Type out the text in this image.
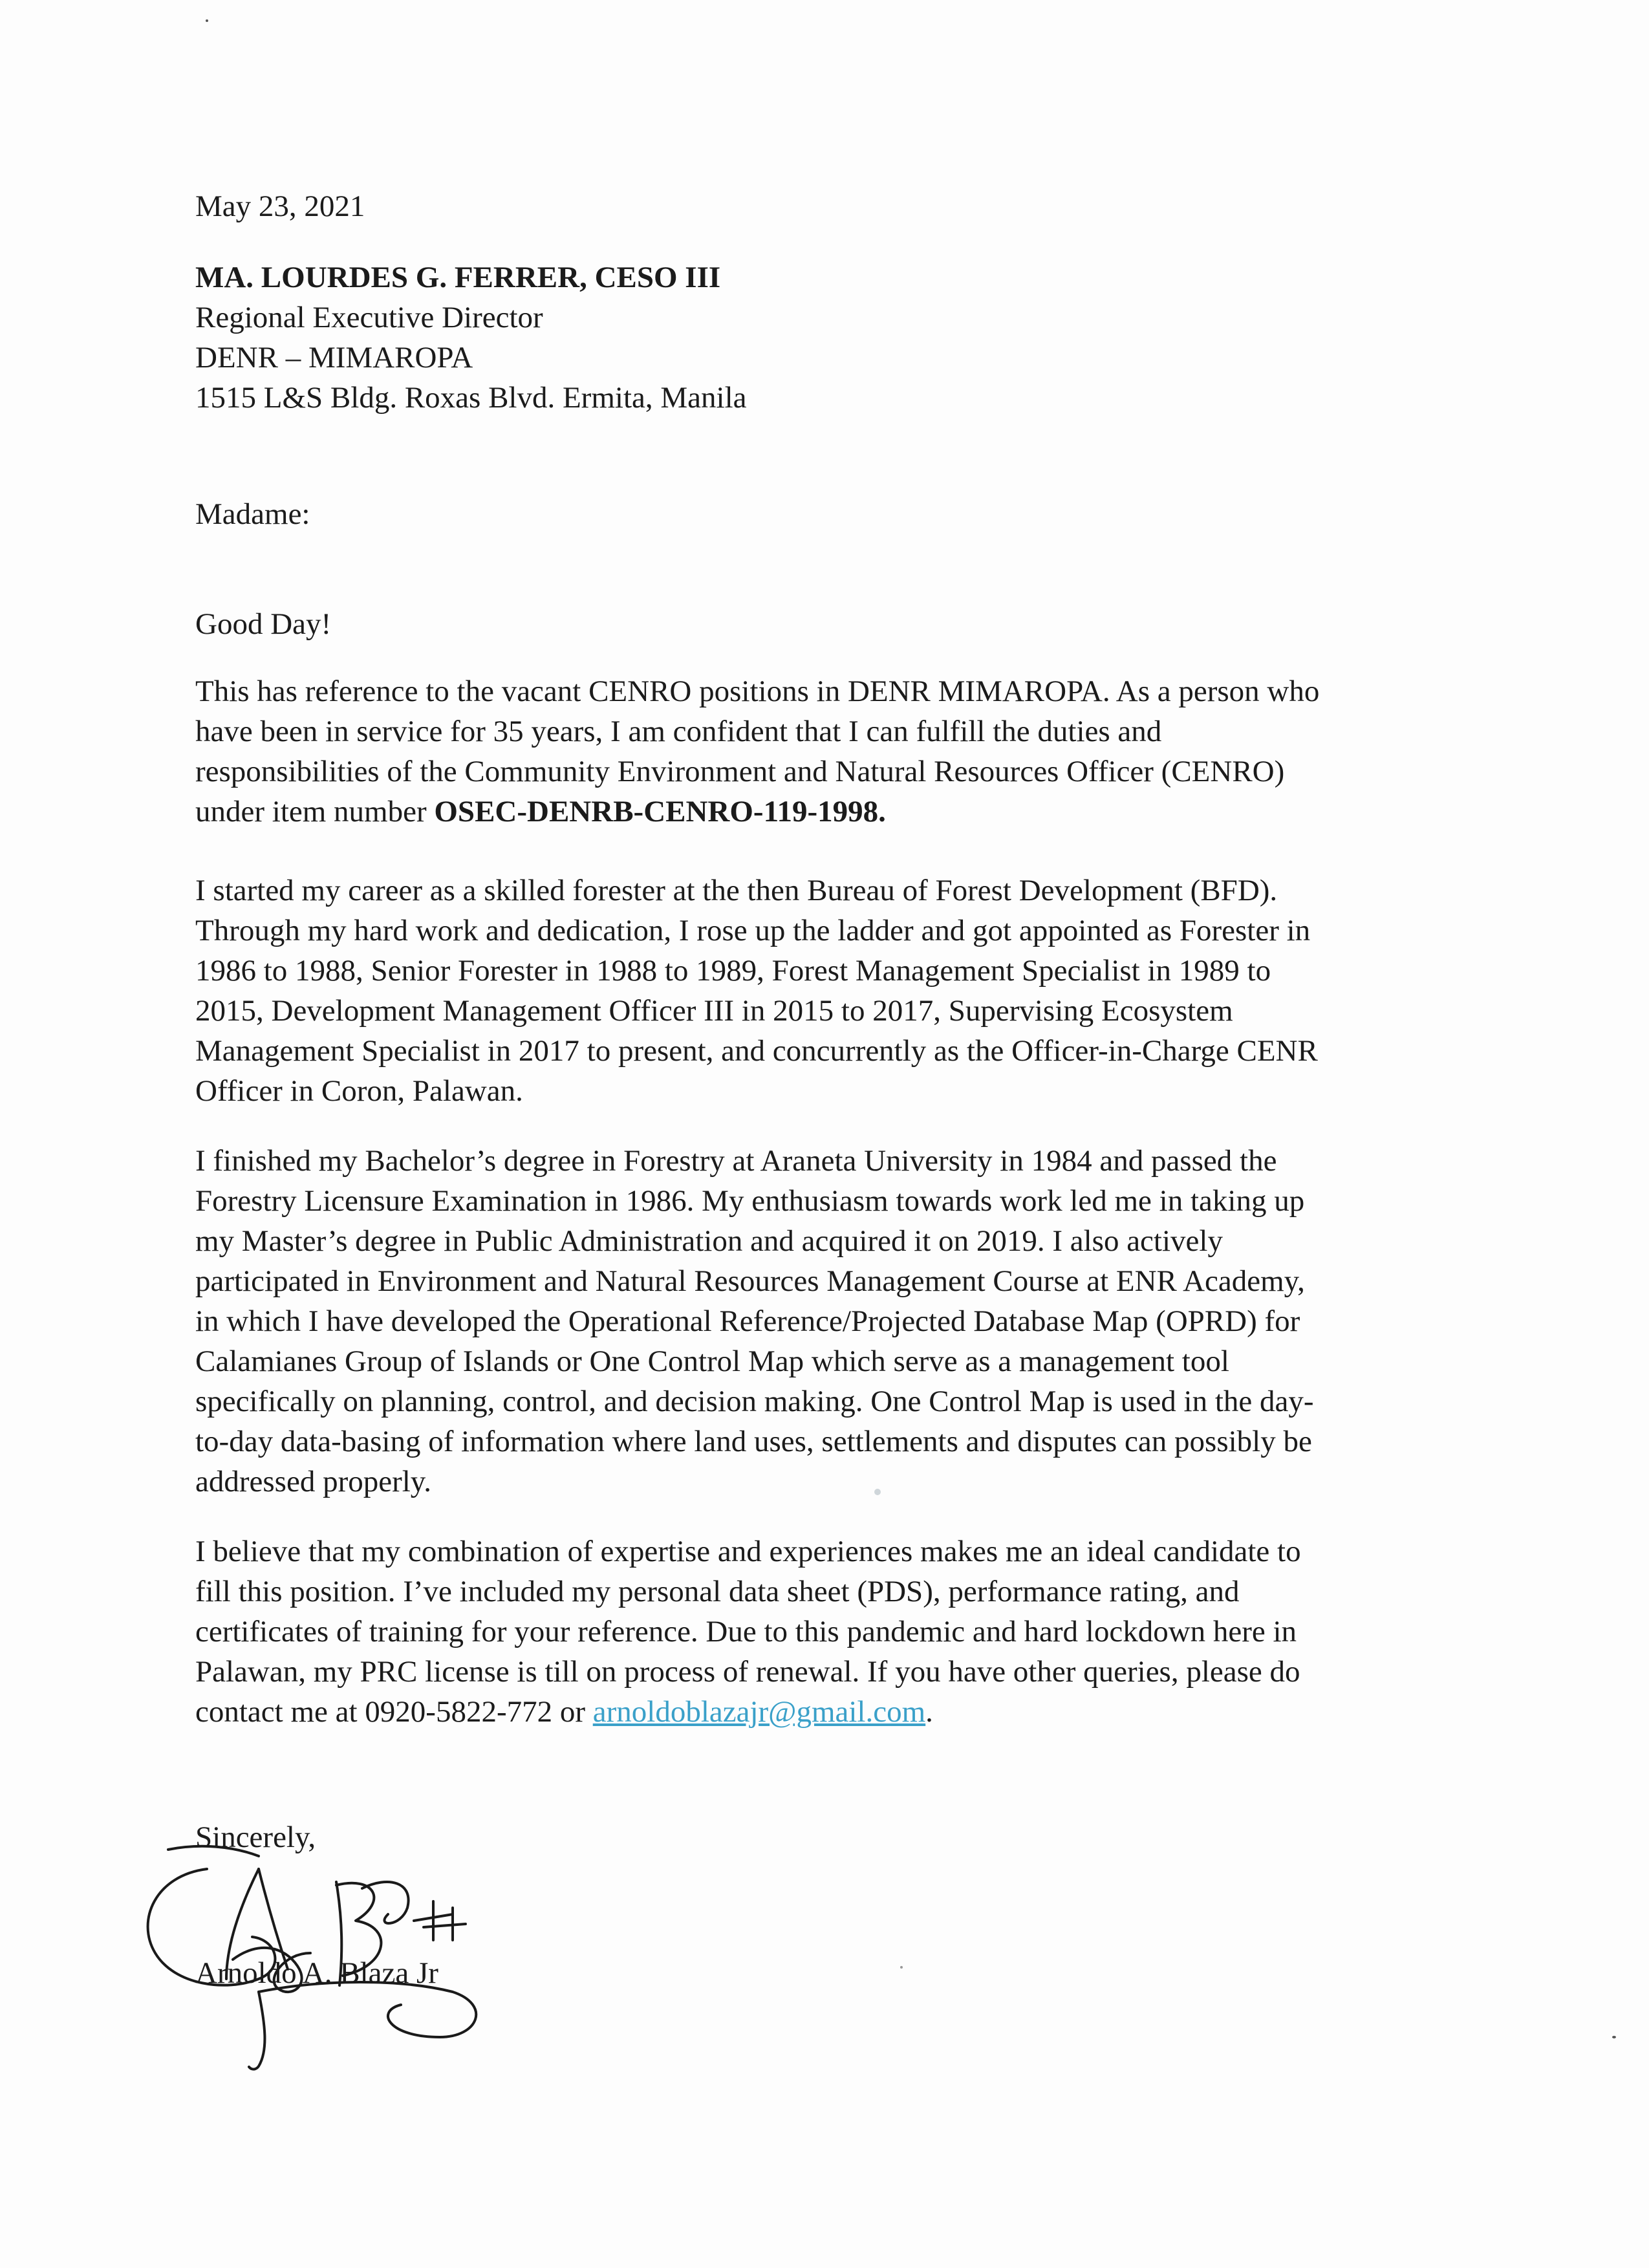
May 23, 2021
MA. LOURDES G. FERRER, CESO III
Regional Executive Director
DENR – MIMAROPA
1515 L&S Bldg. Roxas Blvd. Ermita, Manila
Madame:
Good Day!
This has reference to the vacant CENRO positions in DENR MIMAROPA. As a person who
have been in service for 35 years, I am confident that I can fulfill the duties and
responsibilities of the Community Environment and Natural Resources Officer (CENRO)
under item number OSEC-DENRB-CENRO-119-1998.
I started my career as a skilled forester at the then Bureau of Forest Development (BFD).
Through my hard work and dedication, I rose up the ladder and got appointed as Forester in
1986 to 1988, Senior Forester in 1988 to 1989, Forest Management Specialist in 1989 to
2015, Development Management Officer III in 2015 to 2017, Supervising Ecosystem
Management Specialist in 2017 to present, and concurrently as the Officer-in-Charge CENR
Officer in Coron, Palawan.
I finished my Bachelor’s degree in Forestry at Araneta University in 1984 and passed the
Forestry Licensure Examination in 1986. My enthusiasm towards work led me in taking up
my Master’s degree in Public Administration and acquired it on 2019. I also actively
participated in Environment and Natural Resources Management Course at ENR Academy,
in which I have developed the Operational Reference/Projected Database Map (OPRD) for
Calamianes Group of Islands or One Control Map which serve as a management tool
specifically on planning, control, and decision making. One Control Map is used in the day-
to-day data-basing of information where land uses, settlements and disputes can possibly be
addressed properly.
I believe that my combination of expertise and experiences makes me an ideal candidate to
fill this position. I’ve included my personal data sheet (PDS), performance rating, and
certificates of training for your reference. Due to this pandemic and hard lockdown here in
Palawan, my PRC license is till on process of renewal. If you have other queries, please do
contact me at 0920-5822-772 or arnoldoblazajr@gmail.com.
Sincerely,
Arnoldo A. Blaza Jr
